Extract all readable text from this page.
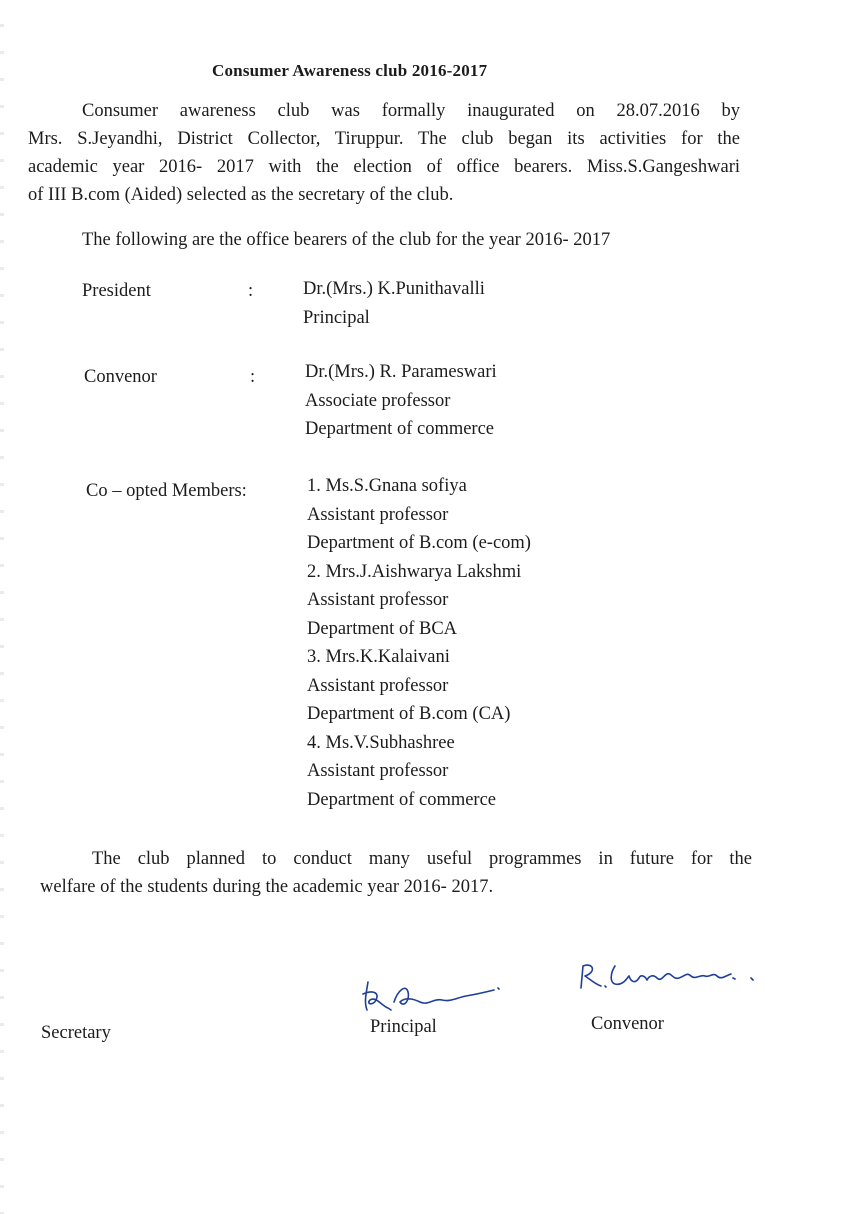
Consumer Awareness club 2016-2017
Consumer awareness club was formally inaugurated on 28.07.2016 by
Mrs. S.Jeyandhi, District Collector, Tiruppur. The club began its activities for the
academic year 2016- 2017 with the election of office bearers. Miss.S.Gangeshwari
of III B.com (Aided) selected as the secretary of the club.
The following are the office bearers of the club for the year 2016- 2017
President	:	Dr.(Mrs.) K.Punithavalli
Principal
Convenor	:	Dr.(Mrs.) R. Parameswari
Associate professor
Department of commerce
Co – opted Members:	1. Ms.S.Gnana sofiya
Assistant professor
Department of B.com (e-com)
2. Mrs.J.Aishwarya Lakshmi
Assistant professor
Department of BCA
3. Mrs.K.Kalaivani
Assistant professor
Department of B.com (CA)
4. Ms.V.Subhashree
Assistant professor
Department of commerce
The club planned to conduct many useful programmes in future for the
welfare of the students during the academic year 2016- 2017.
Secretary	Principal	Convenor
